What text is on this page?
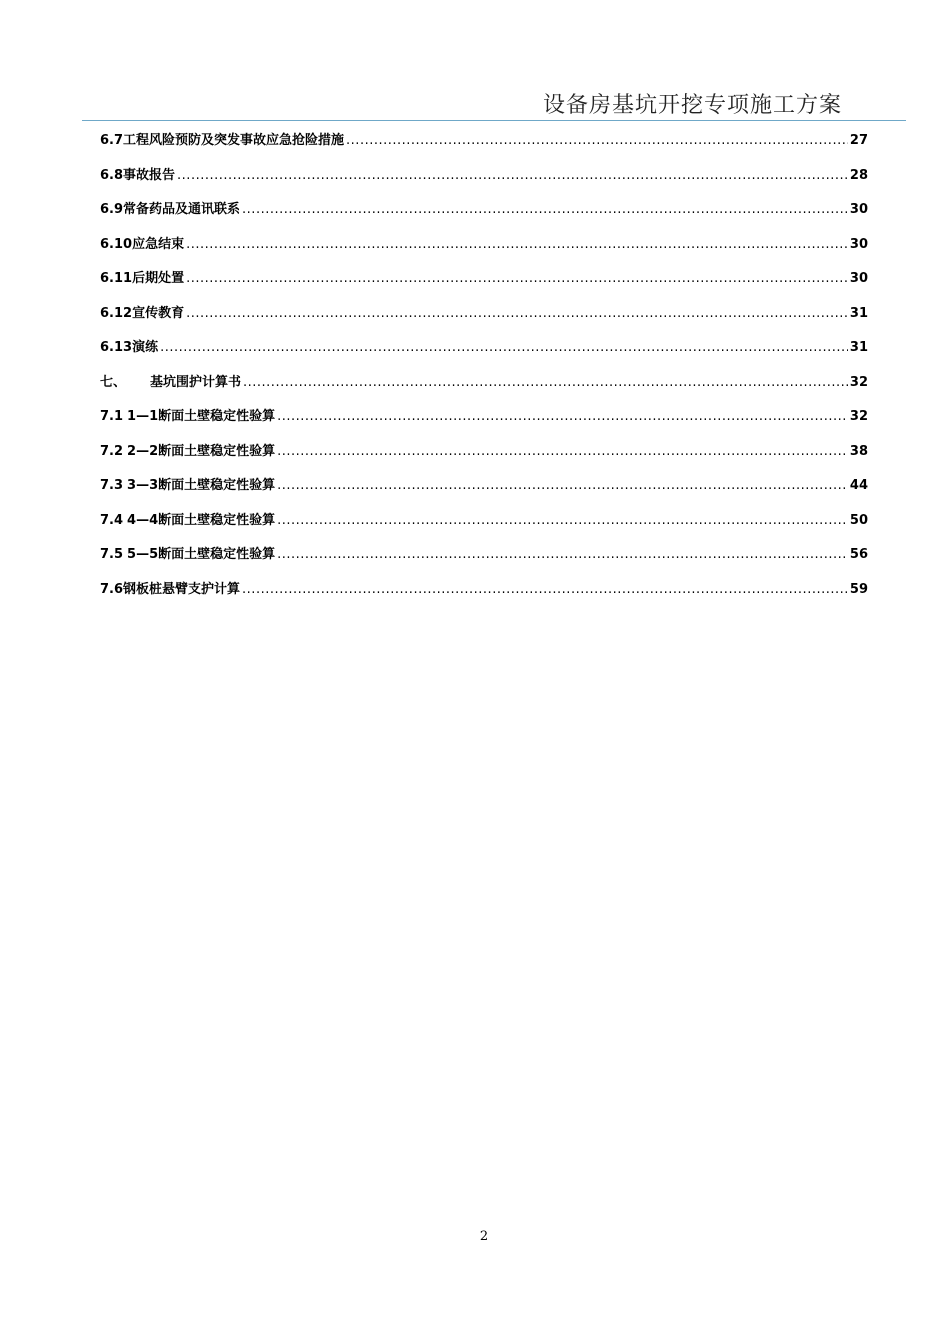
设备房基坑开挖专项施工方案
6.7 工程风险预防及突发事故应急抢险措施 .....	27
6.8 事故报告 .....	28
6.9 常备药品及通讯联系 .....	30
6.10 应急结束 .....	30
6.11 后期处置 .....	30
6.12 宣传教育 .....	31
6.13 演练 .....	31
七、	基坑围护计算书 .....	32
7.1 1—1断面土壁稳定性验算 .....	32
7.2 2—2断面土壁稳定性验算 .....	38
7.3 3—3断面土壁稳定性验算 .....	44
7.4 4—4断面土壁稳定性验算 .....	50
7.5 5—5断面土壁稳定性验算 .....	56
7.6 钢板桩悬臂支护计算 .....	59
2
